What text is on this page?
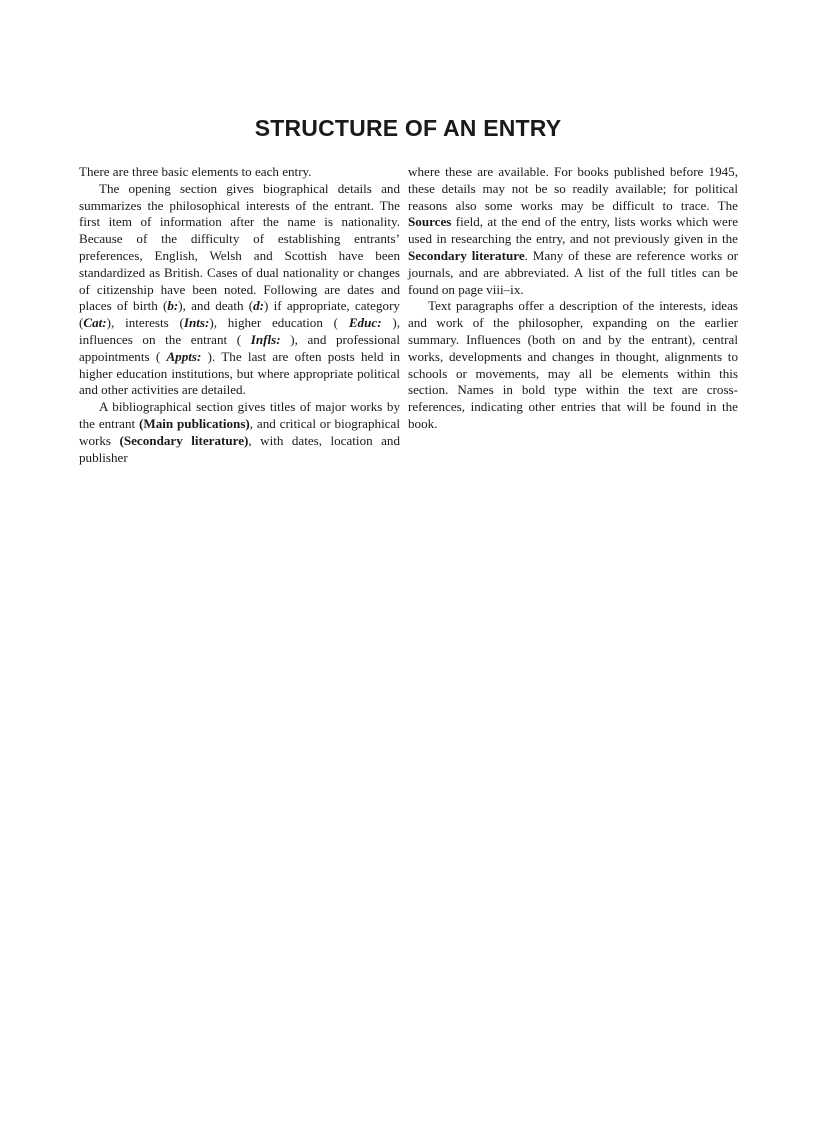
STRUCTURE OF AN ENTRY

There are three basic elements to each entry.

The opening section gives biographical details and summarizes the philosophical interests of the entrant. The first item of information after the name is nationality. Because of the difficulty of establishing entrants’ preferences, English, Welsh and Scottish have been standardized as British. Cases of dual nationality or changes of citizenship have been noted. Following are dates and places of birth (b:), and death (d:) if appropriate, category (Cat:), interests (Ints:), higher education ( Educ: ), influences on the entrant ( Infls: ), and professional appointments ( Appts: ). The last are often posts held in higher education institutions, but where appropriate political and other activities are detailed.

A bibliographical section gives titles of major works by the entrant (Main publications), and critical or biographical works (Secondary literature), with dates, location and publisher

where these are available. For books published before 1945, these details may not be so readily available; for political reasons also some works may be difficult to trace. The Sources field, at the end of the entry, lists works which were used in researching the entry, and not previously given in the Secondary literature. Many of these are reference works or journals, and are abbreviated. A list of the full titles can be found on page viii–ix.

Text paragraphs offer a description of the interests, ideas and work of the philosopher, expanding on the earlier summary. Influences (both on and by the entrant), central works, developments and changes in thought, alignments to schools or movements, may all be elements within this section. Names in bold type within the text are cross-references, indicating other entries that will be found in the book.
